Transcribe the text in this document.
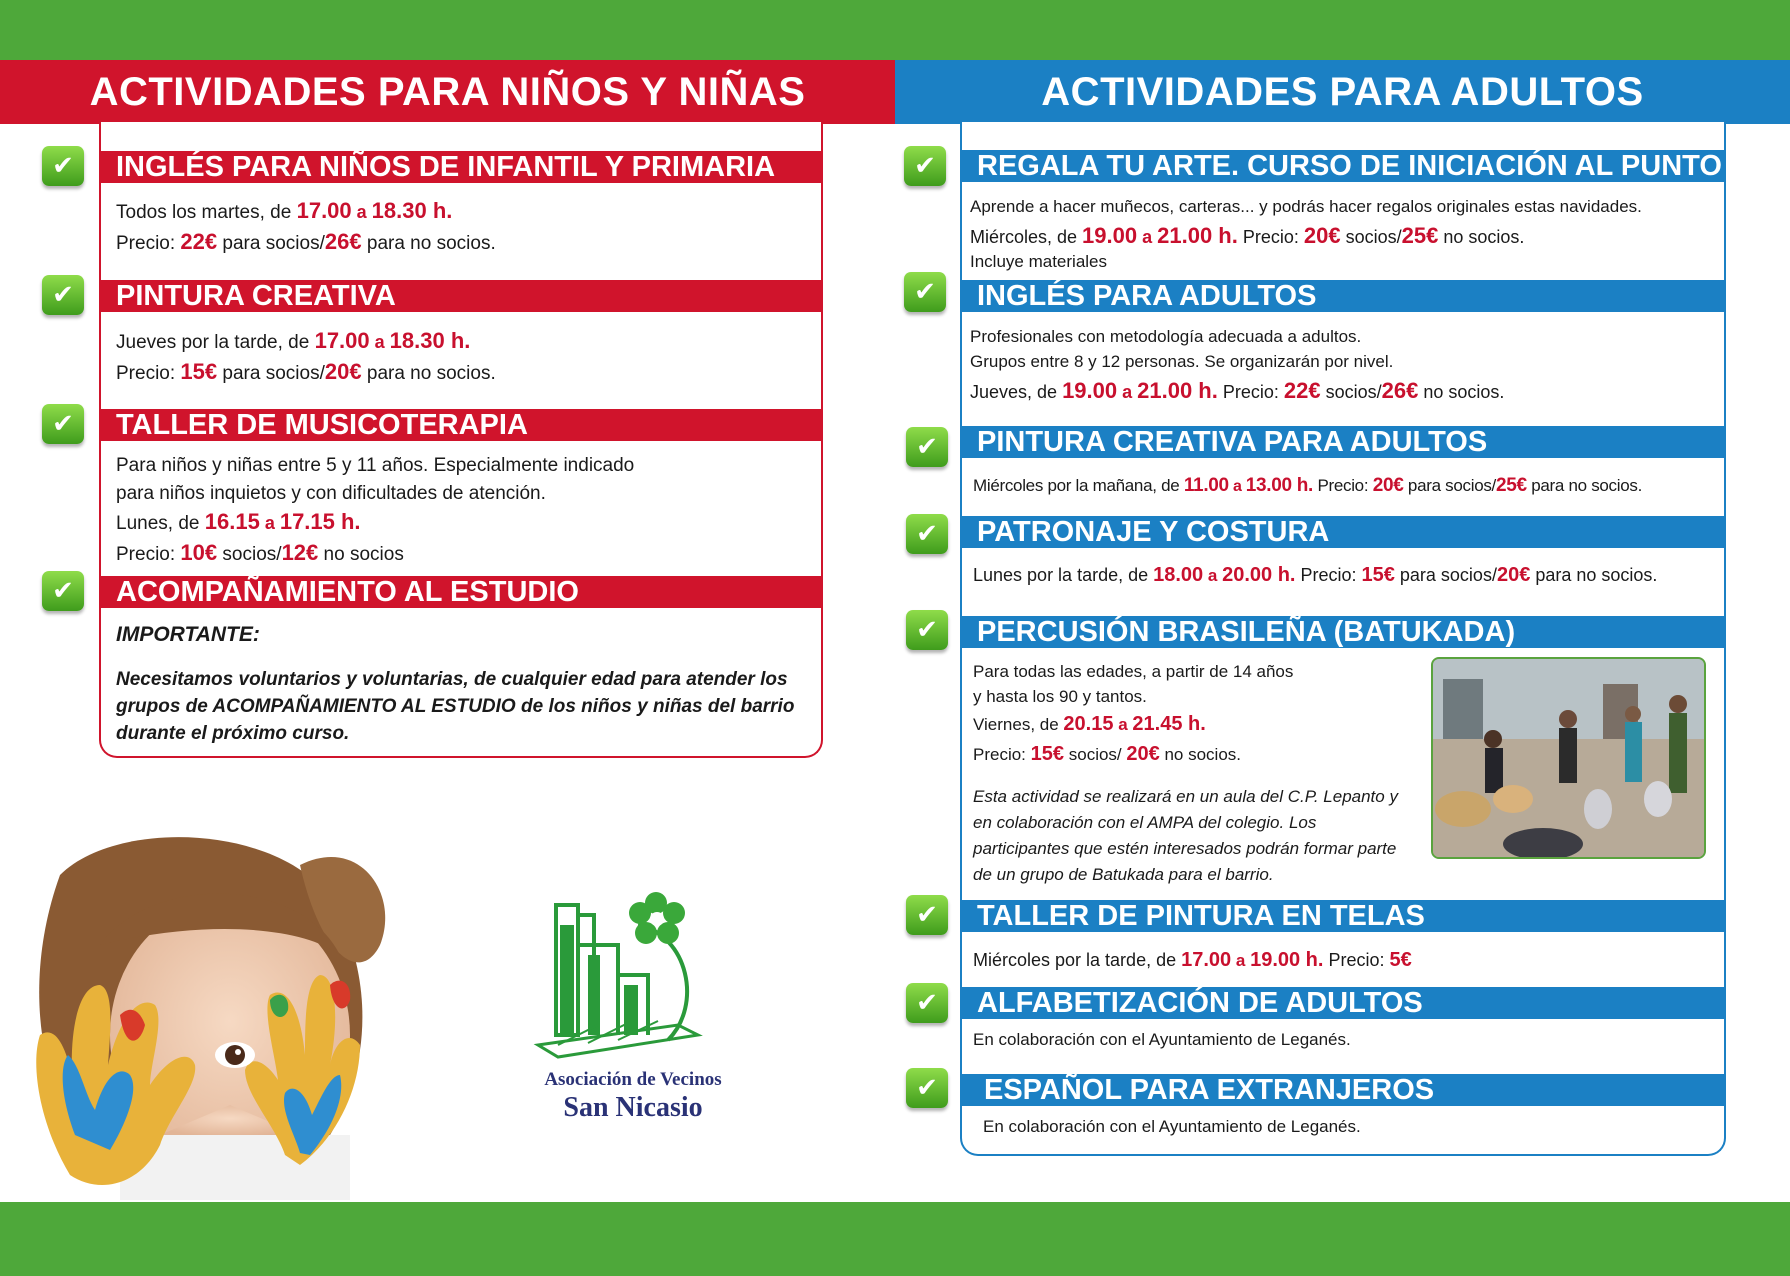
ACTIVIDADES PARA NIÑOS Y NIÑAS	ACTIVIDADES PARA ADULTOS
✔	INGLÉS PARA NIÑOS DE INFANTIL Y PRIMARIA
Todos los martes, de 17.00 a 18.30 h.
Precio: 22€ para socios/26€ para no socios.
✔	PINTURA CREATIVA
Jueves por la tarde, de 17.00 a 18.30 h.
Precio: 15€ para socios/20€ para no socios.
✔	TALLER DE MUSICOTERAPIA
Para niños y niñas entre 5 y 11 años. Especialmente indicado
para niños inquietos y con dificultades de atención.
Lunes, de 16.15 a 17.15 h.
Precio: 10€ socios/12€ no socios
✔	ACOMPAÑAMIENTO AL ESTUDIO
IMPORTANTE:
Necesitamos voluntarios y voluntarias, de cualquier edad para atender los grupos de ACOMPAÑAMIENTO AL ESTUDIO de los niños y niñas del barrio durante el próximo curso.
✔	REGALA TU ARTE. CURSO DE INICIACIÓN AL PUNTO
Aprende a hacer muñecos, carteras... y podrás hacer regalos originales estas navidades.
Miércoles, de 19.00 a 21.00 h. Precio: 20€ socios/25€ no socios.
Incluye materiales
✔	INGLÉS PARA ADULTOS
Profesionales con metodología adecuada a adultos.
Grupos entre 8 y 12 personas. Se organizarán por nivel.
Jueves, de 19.00 a 21.00 h. Precio: 22€ socios/26€ no socios.
✔	PINTURA CREATIVA PARA ADULTOS
Miércoles por la mañana, de 11.00 a 13.00 h. Precio: 20€ para socios/25€ para no socios.
✔	PATRONAJE Y COSTURA
Lunes por la tarde, de 18.00 a 20.00 h. Precio: 15€ para socios/20€ para no socios.
✔	PERCUSIÓN BRASILEÑA (BATUKADA)
Para todas las edades, a partir de 14 años
y hasta los 90 y tantos.
Viernes, de 20.15 a 21.45 h.
Precio: 15€ socios/ 20€ no socios.
Esta actividad se realizará en un aula del C.P. Lepanto y en colaboración con el AMPA del colegio. Los participantes que estén interesados podrán formar parte de un grupo de Batukada para el barrio.
✔	TALLER DE PINTURA EN TELAS
Miércoles por la tarde, de 17.00 a 19.00 h. Precio: 5€
✔	ALFABETIZACIÓN DE ADULTOS
En colaboración con el Ayuntamiento de Leganés.
✔	ESPAÑOL PARA EXTRANJEROS
En colaboración con el Ayuntamiento de Leganés.
Asociación de Vecinos
San Nicasio
